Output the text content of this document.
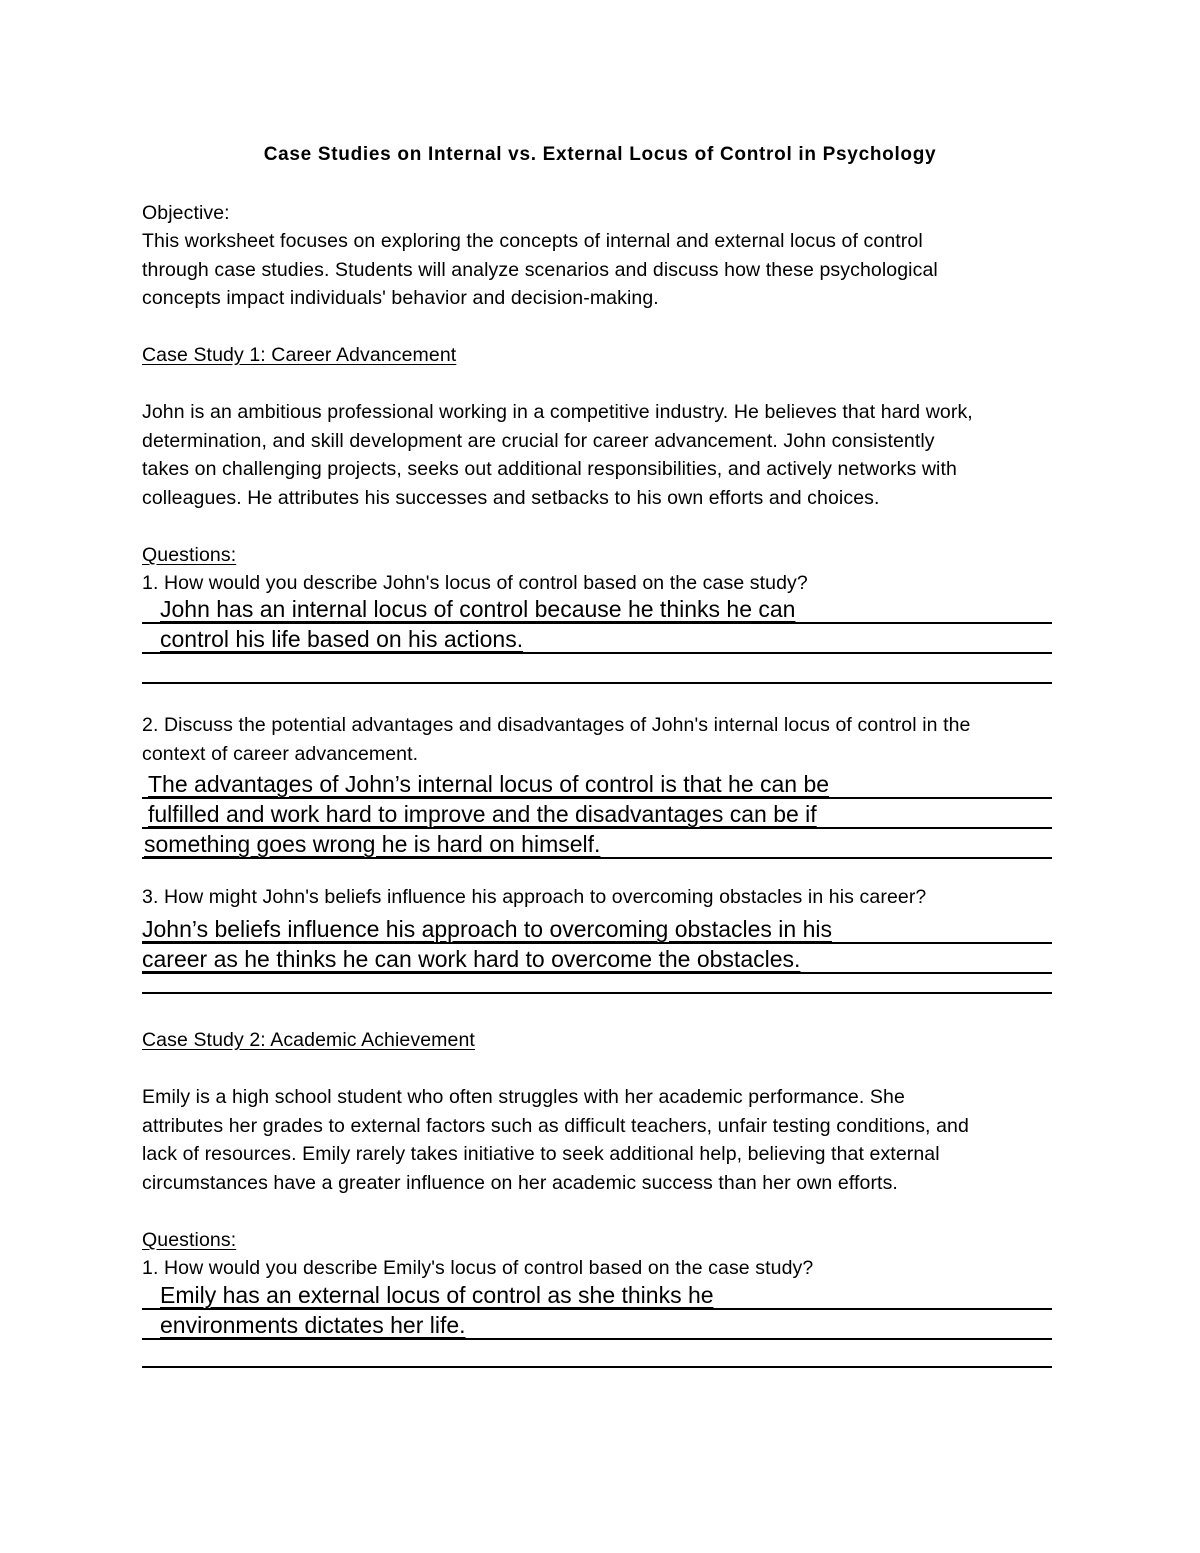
Case Studies on Internal vs. External Locus of Control in Psychology
Objective:
This worksheet focuses on exploring the concepts of internal and external locus of control
through case studies. Students will analyze scenarios and discuss how these psychological
concepts impact individuals' behavior and decision-making.
Case Study 1: Career Advancement
John is an ambitious professional working in a competitive industry. He believes that hard work,
determination, and skill development are crucial for career advancement. John consistently
takes on challenging projects, seeks out additional responsibilities, and actively networks with
colleagues. He attributes his successes and setbacks to his own efforts and choices.
Questions:
1. How would you describe John's locus of control based on the case study?
John has an internal locus of control because he thinks he can
control his life based on his actions.
2. Discuss the potential advantages and disadvantages of John's internal locus of control in the
context of career advancement.
The advantages of John’s internal locus of control is that he can be
fulfilled and work hard to improve and the disadvantages can be if
something goes wrong he is hard on himself.
3. How might John's beliefs influence his approach to overcoming obstacles in his career?
John’s beliefs influence his approach to overcoming obstacles in his
career as he thinks he can work hard to overcome the obstacles.
Case Study 2: Academic Achievement
Emily is a high school student who often struggles with her academic performance. She
attributes her grades to external factors such as difficult teachers, unfair testing conditions, and
lack of resources. Emily rarely takes initiative to seek additional help, believing that external
circumstances have a greater influence on her academic success than her own efforts.
Questions:
1. How would you describe Emily's locus of control based on the case study?
Emily has an external locus of control as she thinks he
environments dictates her life.
